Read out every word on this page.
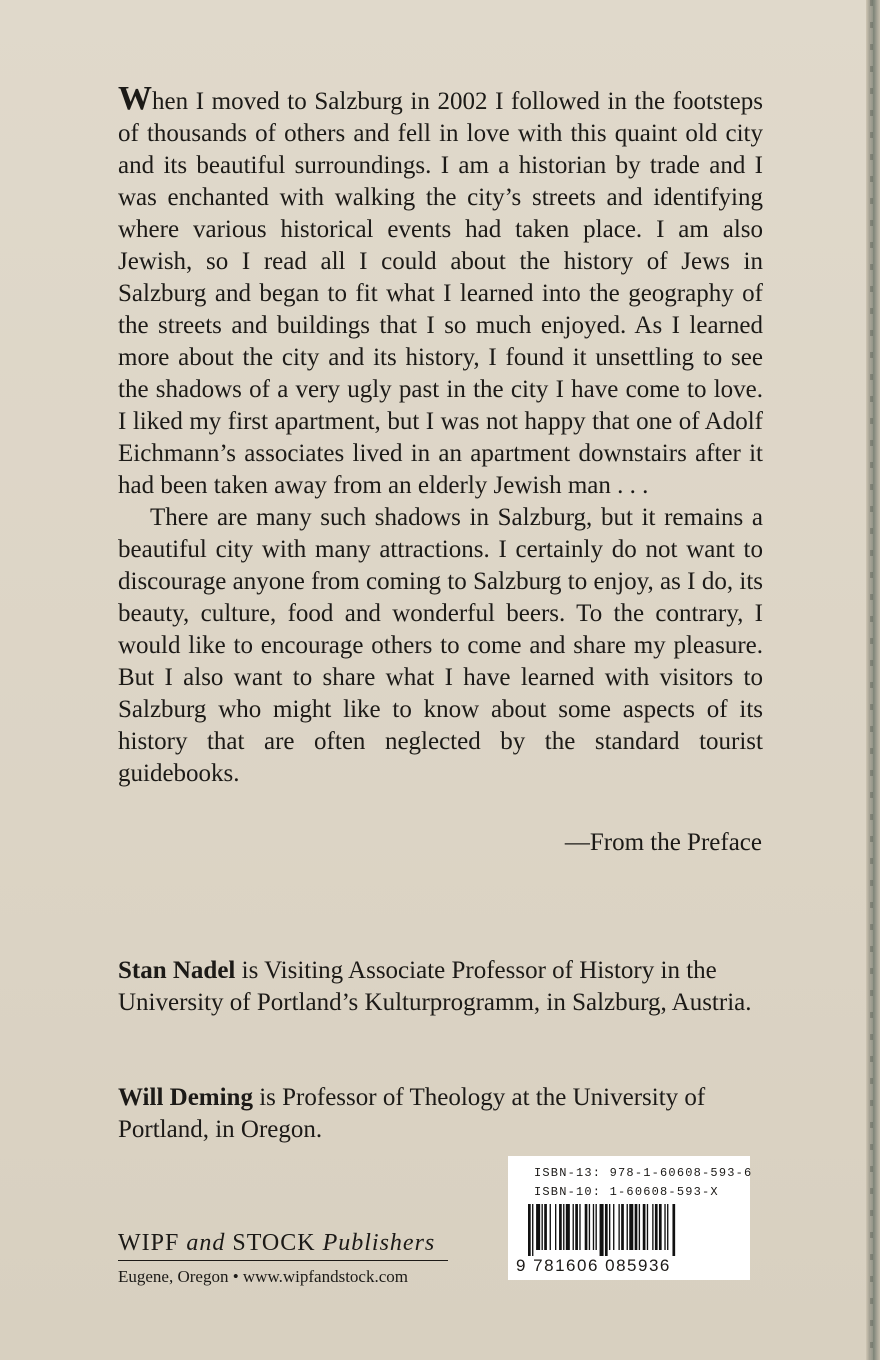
When I moved to Salzburg in 2002 I followed in the footsteps of thousands of others and fell in love with this quaint old city and its beautiful surroundings. I am a historian by trade and I was enchanted with walking the city’s streets and identifying where various historical events had taken place. I am also Jewish, so I read all I could about the history of Jews in Salzburg and began to fit what I learned into the geography of the streets and buildings that I so much enjoyed. As I learned more about the city and its history, I found it unsettling to see the shadows of a very ugly past in the city I have come to love. I liked my first apartment, but I was not happy that one of Adolf Eichmann’s associates lived in an apartment downstairs after it had been taken away from an elderly Jewish man . . .

There are many such shadows in Salzburg, but it remains a beautiful city with many attractions. I certainly do not want to discourage anyone from coming to Salzburg to enjoy, as I do, its beauty, culture, food and wonderful beers. To the contrary, I would like to encourage others to come and share my pleasure. But I also want to share what I have learned with visitors to Salzburg who might like to know about some aspects of its history that are often neglected by the standard tourist guidebooks.

—From the Preface
Stan Nadel is Visiting Associate Professor of History in the University of Portland’s Kulturprogramm, in Salzburg, Austria.
Will Deming is Professor of Theology at the University of Portland, in Oregon.
WIPF and STOCK Publishers
Eugene, Oregon • www.wipfandstock.com
ISBN-13: 978-1-60608-593-6
ISBN-10: 1-60608-593-X
9 781606 085936
